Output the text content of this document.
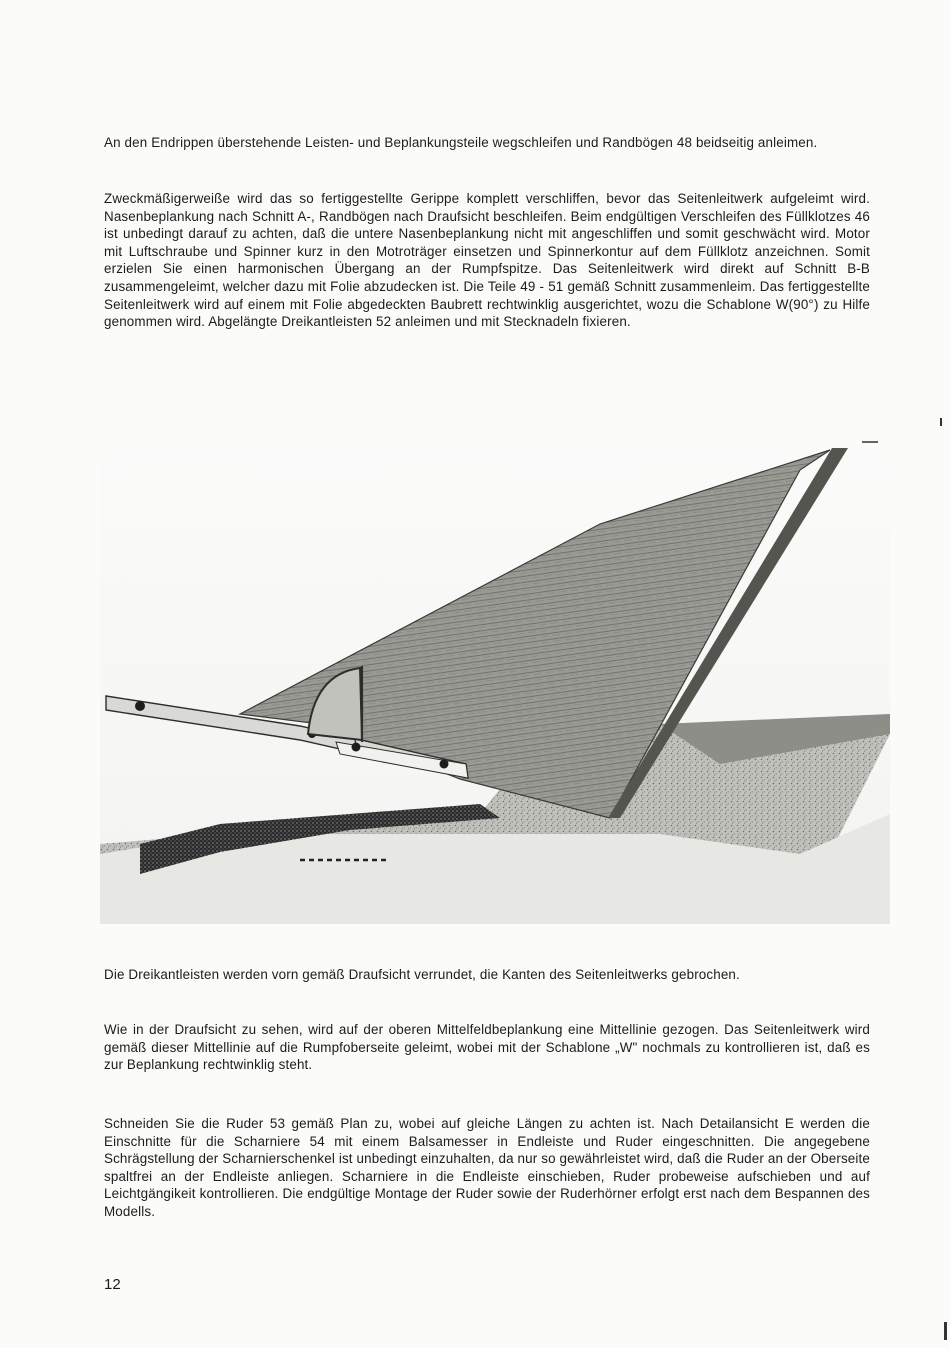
An den Endrippen überstehende Leisten- und Beplankungsteile wegschleifen und Randbögen 48 beidseitig anleimen.

Zweckmäßigerweiße wird das so fertiggestellte Gerippe komplett verschliffen, bevor das Seitenleitwerk aufgeleimt wird. Nasenbeplankung nach Schnitt A-, Randbögen nach Draufsicht beschleifen. Beim endgültigen Verschleifen des Füllklotzes 46 ist unbedingt darauf zu achten, daß die untere Nasenbeplankung nicht mit angeschliffen und somit geschwächt wird. Motor mit Luftschraube und Spinner kurz in den Motroträger einsetzen und Spinnerkontur auf dem Füllklotz anzeichnen. Somit erzielen Sie einen harmonischen Übergang an der Rumpfspitze. Das Seitenleitwerk wird direkt auf Schnitt B-B zusammengeleimt, welcher dazu mit Folie abzudecken ist. Die Teile 49 - 51 gemäß Schnitt zusammenleim. Das fertiggestellte Seitenleitwerk wird auf einem mit Folie abgedeckten Baubrett rechtwinklig ausgerichtet, wozu die Schablone W(90°) zu Hilfe genommen wird. Abgelängte Dreikantleisten 52 anleimen und mit Stecknadeln fixieren.

Die Dreikantleisten werden vorn gemäß Draufsicht verrundet, die Kanten des Seitenleitwerks gebrochen.

Wie in der Draufsicht zu sehen, wird auf der oberen Mittelfeldbeplankung eine Mittellinie gezogen. Das Seitenleitwerk wird gemäß dieser Mittellinie auf die Rumpfoberseite geleimt, wobei mit der Schablone „W" nochmals zu kontrollieren ist, daß es zur Beplankung rechtwinklig steht.

Schneiden Sie die Ruder 53 gemäß Plan zu, wobei auf gleiche Längen zu achten ist. Nach Detailansicht E werden die Einschnitte für die Scharniere 54 mit einem Balsamesser in Endleiste und Ruder eingeschnitten. Die angegebene Schrägstellung der Scharnierschenkel ist unbedingt einzuhalten, da nur so gewährleistet wird, daß die Ruder an der Oberseite spaltfrei an der Endleiste anliegen. Scharniere in die Endleiste einschieben, Ruder probeweise aufschieben und auf Leichtgängikeit kontrollieren. Die endgültige Montage der Ruder sowie der Ruderhörner erfolgt erst nach dem Bespannen des Modells.

12
